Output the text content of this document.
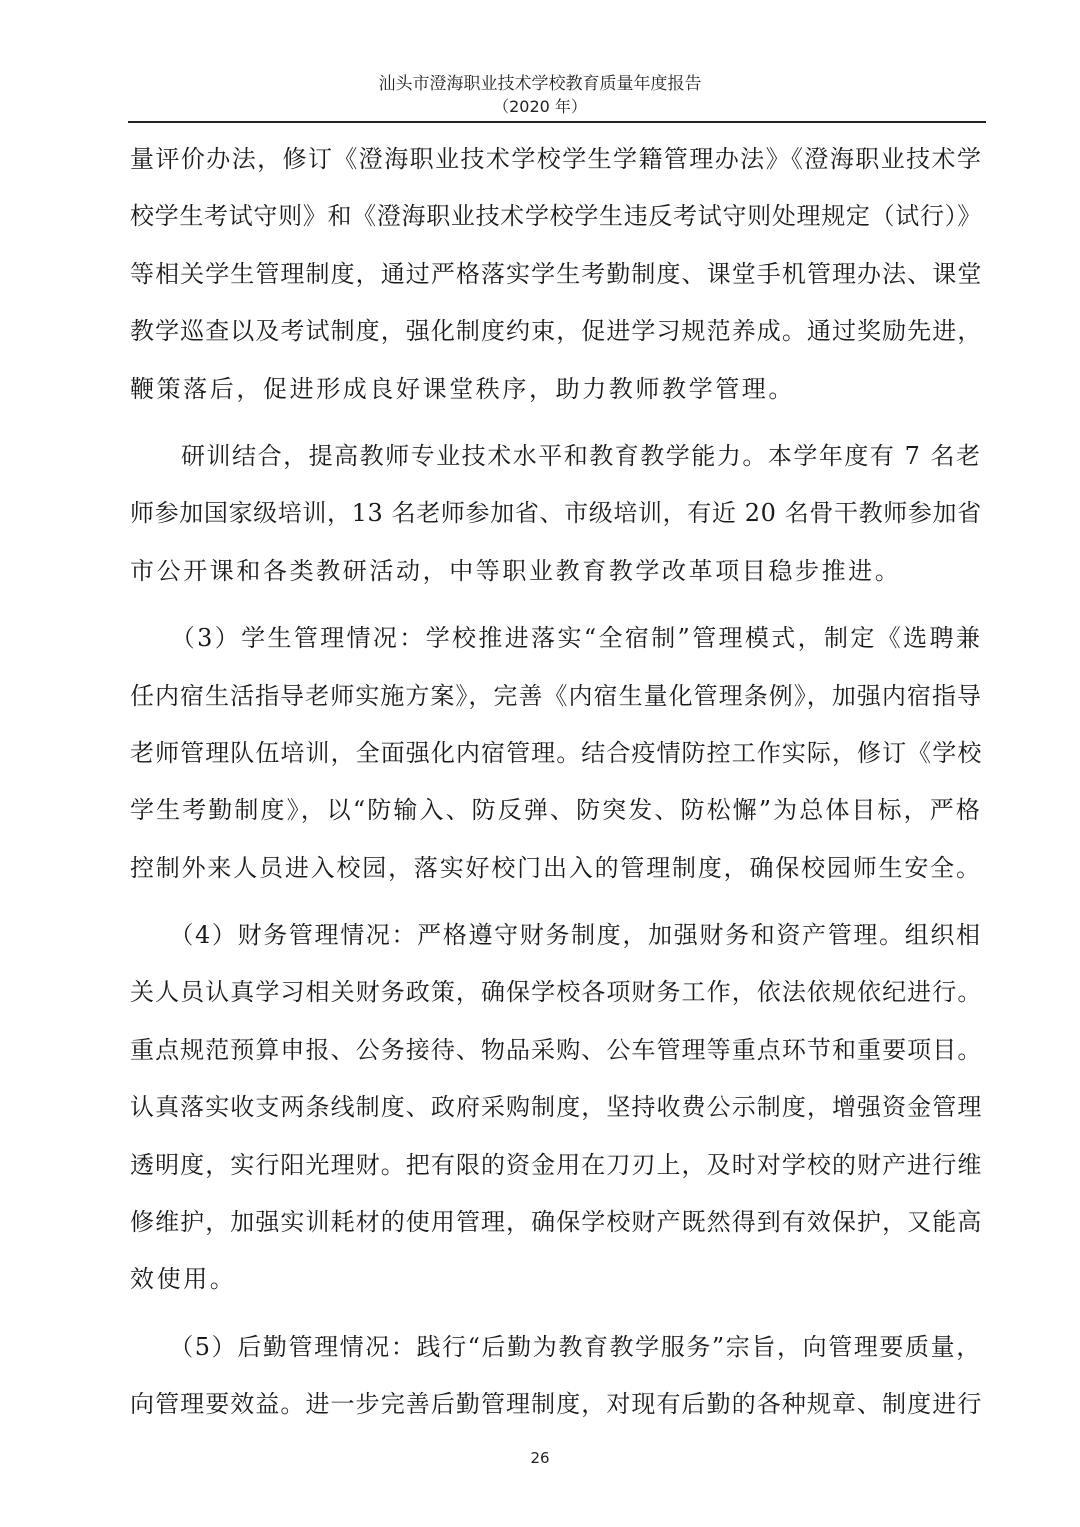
汕头市澄海职业技术学校教育质量年度报告
（2020 年）
量评价办法，修订《澄海职业技术学校学生学籍管理办法》《澄海职业技术学
校学生考试守则》和《澄海职业技术学校学生违反考试守则处理规定（试行）》
等相关学生管理制度，通过严格落实学生考勤制度、课堂手机管理办法、课堂
教学巡查以及考试制度，强化制度约束，促进学习规范养成。通过奖励先进，
鞭策落后，促进形成良好课堂秩序，助力教师教学管理。
　　研训结合，提高教师专业技术水平和教育教学能力。本学年度有 7 名老
师参加国家级培训，13 名老师参加省、市级培训，有近 20 名骨干教师参加省
市公开课和各类教研活动，中等职业教育教学改革项目稳步推进。
　　（3）学生管理情况：学校推进落实“全宿制”管理模式，制定《选聘兼
任内宿生活指导老师实施方案》，完善《内宿生量化管理条例》，加强内宿指导
老师管理队伍培训，全面强化内宿管理。结合疫情防控工作实际，修订《学校
学生考勤制度》，以“防输入、防反弹、防突发、防松懈”为总体目标，严格
控制外来人员进入校园，落实好校门出入的管理制度，确保校园师生安全。
　　（4）财务管理情况：严格遵守财务制度，加强财务和资产管理。组织相
关人员认真学习相关财务政策，确保学校各项财务工作，依法依规依纪进行。
重点规范预算申报、公务接待、物品采购、公车管理等重点环节和重要项目。
认真落实收支两条线制度、政府采购制度，坚持收费公示制度，增强资金管理
透明度，实行阳光理财。把有限的资金用在刀刃上，及时对学校的财产进行维
修维护，加强实训耗材的使用管理，确保学校财产既然得到有效保护，又能高
效使用。
　　（5）后勤管理情况：践行“后勤为教育教学服务”宗旨，向管理要质量，
向管理要效益。进一步完善后勤管理制度，对现有后勤的各种规章、制度进行
26
